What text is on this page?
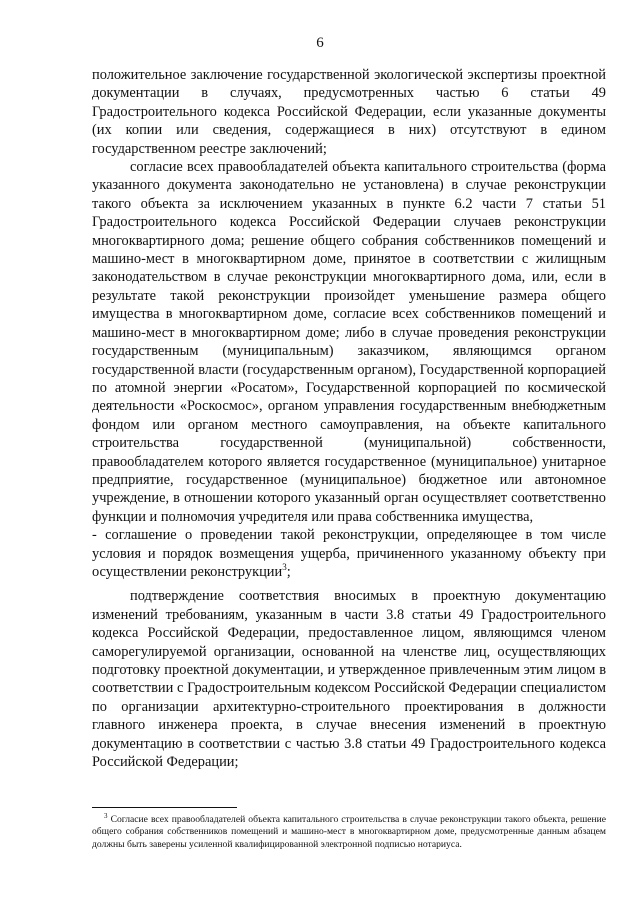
6

положительное заключение государственной экологической экспертизы проектной документации в случаях, предусмотренных частью 6 статьи 49 Градостроительного кодекса Российской Федерации, если указанные документы (их копии или сведения, содержащиеся в них) отсутствуют в едином государственном реестре заключений;

согласие всех правообладателей объекта капитального строительства (форма указанного документа законодательно не установлена) в случае реконструкции такого объекта за исключением указанных в пункте 6.2 части 7 статьи 51 Градостроительного кодекса Российской Федерации случаев реконструкции многоквартирного дома; решение общего собрания собственников помещений и машино-мест в многоквартирном доме, принятое в соответствии с жилищным законодательством в случае реконструкции многоквартирного дома, или, если в результате такой реконструкции произойдет уменьшение размера общего имущества в многоквартирном доме, согласие всех собственников помещений и машино-мест в многоквартирном доме; либо в случае проведения реконструкции государственным (муниципальным) заказчиком, являющимся органом государственной власти (государственным органом), Государственной корпорацией по атомной энергии «Росатом», Государственной корпорацией по космической деятельности «Роскосмос», органом управления государственным внебюджетным фондом или органом местного самоуправления, на объекте капитального строительства государственной (муниципальной) собственности, правообладателем которого является государственное (муниципальное) унитарное предприятие, государственное (муниципальное) бюджетное или автономное учреждение, в отношении которого указанный орган осуществляет соответственно функции и полномочия учредителя или права собственника имущества,

- соглашение о проведении такой реконструкции, определяющее в том числе условия и порядок возмещения ущерба, причиненного указанному объекту при осуществлении реконструкции$^3$;

подтверждение соответствия вносимых в проектную документацию изменений требованиям, указанным в части 3.8 статьи 49 Градостроительного кодекса Российской Федерации, предоставленное лицом, являющимся членом саморегулируемой организации, основанной на членстве лиц, осуществляющих подготовку проектной документации, и утвержденное привлеченным этим лицом в соответствии с Градостроительным кодексом Российской Федерации специалистом по организации архитектурно-строительного проектирования в должности главного инженера проекта, в случае внесения изменений в проектную документацию в соответствии с частью 3.8 статьи 49 Градостроительного кодекса Российской Федерации;

$^3$ Согласие всех правообладателей объекта капитального строительства в случае реконструкции такого объекта, решение общего собрания собственников помещений и машино-мест в многоквартирном доме, предусмотренные данным абзацем должны быть заверены усиленной квалифицированной электронной подписью нотариуса.
